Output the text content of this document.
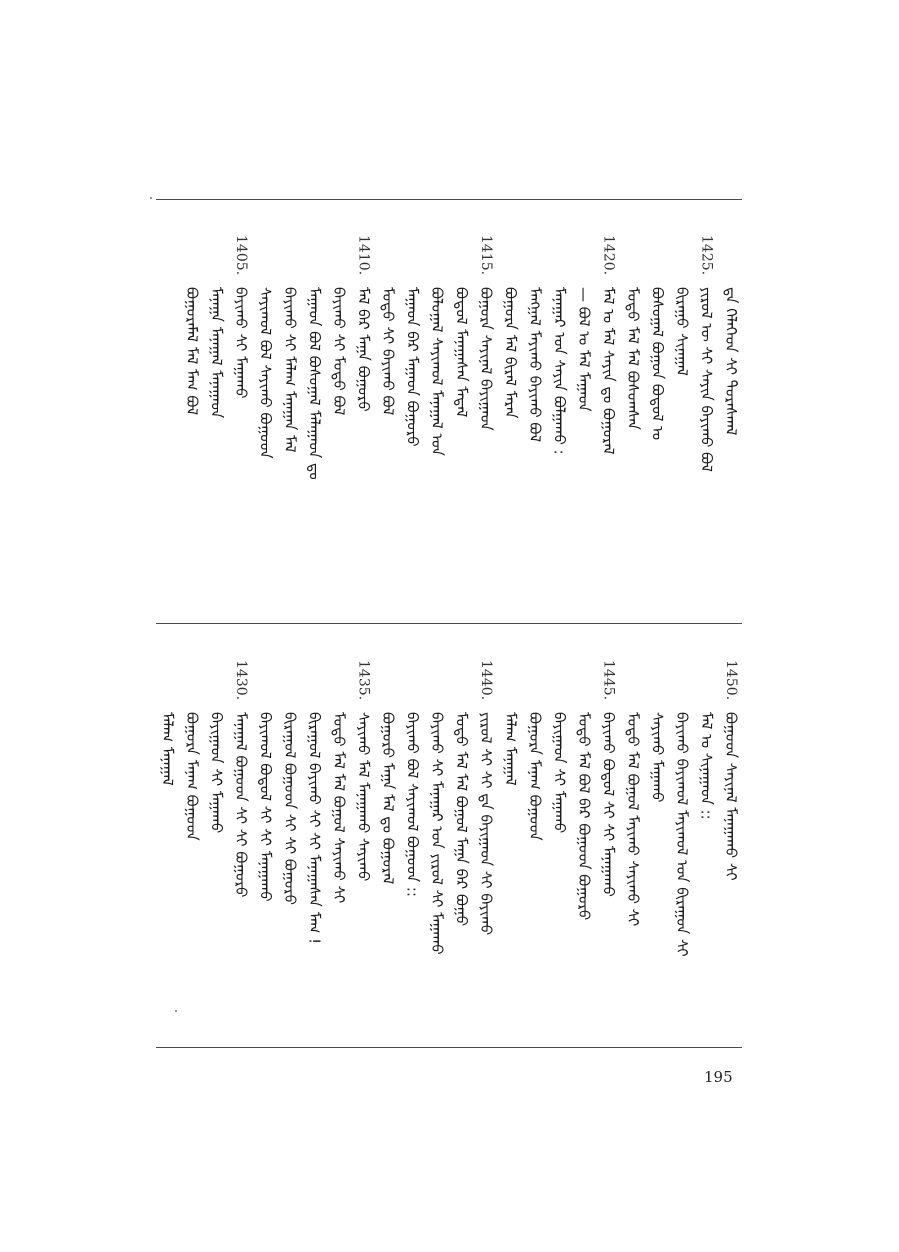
ᠳᠠ ᠬᠡᠯᠡᠭᠡᠳ ᠰᠢ ᠳᠤᠷᠠᠰᠬᠠᠯ
1425.
ᠶᠢᠷᠦᠯ ᠦ ᠰᠢ ᠰᠠᠶᠢᠨ ᠪᠠᠶᠢᠬᠤ ᠪᠣᠯ
ᠪᠢᠷᠠᠭᠤ ᠰᠢᠨᠠᠭᠠᠯ
ᠪᠣᠰᠤᠭᠠᠯ ᠪᠣᠭᠣᠨ ᠪᠣᠳᠣᠯ ᠤ
ᠮᠣᠳᠣ ᠮᠠᠯ ᠮᠠᠯ ᠪᠣᠰᠣᠭᠰᠠᠨ
1420.
ᠮᠠᠯ ᠤ ᠮᠠᠯ ᠰᠠᠶᠢᠨ ᠳᠤ ᠪᠣᠭᠣᠷᠠᠯ
— ᠪᠣᠯ ᠤ ᠮᠠᠯ ᠮᠠᠭᠠᠳ
ᠮᠠᠨᠠᠭᠠᠷ ᠤᠨ ᠰᠠᠶᠢᠨ ᠪᠣᠯᠭᠠᠬᠤ :
ᠮᠠᠩᠭᠠᠯ ᠮᠠᠶᠢᠬᠤ ᠪᠠᠶᠢᠬᠤ ᠪᠣᠯ
ᠪᠣᠭᠣᠷᠠ ᠮᠠᠯ ᠪᠢᠷᠠᠯ ᠮᠠᠷᠠᠨ
1415.
ᠪᠣᠭᠣᠷᠠ ᠰᠠᠶᠢᠨᠠᠯ ᠪᠠᠶᠢᠭᠠᠳ
ᠪᠣᠳᠣᠯ ᠮᠠᠨᠠᠭᠠᠰᠠᠨ ᠮᠠᠳᠠᠯ
ᠪᠣᠯᠣᠭᠠᠯ ᠰᠠᠶᠢᠬᠤᠯ ᠮᠠᠨᠠᠭᠠᠯ ᠤᠨ
ᠮᠠᠭᠠᠳ ᠪᠠᠷ ᠮᠠᠭᠠᠳ ᠪᠣᠭᠣᠷᠤ
ᠮᠣᠳᠣ ᠰᠢ ᠪᠠᠶᠢᠬᠤ ᠪᠣᠯ
1410.
ᠮᠠᠯ ᠪᠠᠷ ᠮᠠᠭᠠ ᠪᠣᠭᠣᠷᠤ
ᠪᠠᠶᠢᠬᠤ ᠰᠢ ᠮᠣᠳᠣ ᠪᠣᠯ
ᠮᠠᠭᠠᠳ ᠪᠣᠯ ᠪᠣᠰᠣᠭᠠᠯ ᠮᠠᠯᠠᠭᠠᠳ ᠳᠤ
ᠪᠠᠶᠢᠬᠤ ᠰᠢ ᠮᠠᠯᠠᠭ ᠮᠠᠨᠠᠭᠠᠨ ᠮᠠᠯ
ᠰᠠᠶᠢᠬᠤᠯ ᠪᠣᠯ ᠰᠠᠶᠢᠬᠤ ᠪᠣᠭᠣᠳ
1405.
ᠪᠠᠶᠢᠬᠤ ᠰᠢ ᠮᠠᠭᠠᠬᠤ
ᠮᠠᠨᠠᠭᠠ ᠮᠠᠨᠠᠭᠠᠯ ᠮᠠᠨᠠᠭᠠᠳ
ᠪᠣᠭᠣᠷᠠᠮᠠᠯ ᠮᠠᠯ ᠮᠠᠭ ᠪᠣᠯ
1450.
ᠪᠣᠭᠣᠳ ᠰᠠᠶᠢᠨᠠᠯ ᠮᠠᠨᠠᠭᠠᠬᠤ ᠰᠢ
ᠮᠠᠯ ᠤ ᠰᠢᠨᠠᠭᠠᠳ ::
ᠪᠠᠶᠢᠬᠤ ᠪᠠᠶᠢᠬᠤᠯ ᠮᠠᠶᠢᠬᠤᠯ ᠤᠨ ᠪᠢᠷᠠᠭᠤᠨ ᠰᠢ
ᠰᠠᠶᠢᠬᠤ ᠮᠠᠭᠠᠬᠤ
ᠮᠣᠳᠣ ᠮᠠᠯ ᠪᠣᠭᠣᠯ ᠮᠠᠶᠢᠬᠤ ᠰᠠᠶᠢᠬᠤ ᠰᠢ
1445.
ᠪᠠᠶᠢᠬᠤ ᠪᠣᠳᠣᠯ ᠰᠢ ᠰᠢ ᠮᠠᠨᠠᠭᠠᠬᠤ
ᠮᠣᠳᠣ ᠮᠠᠯ ᠪᠣᠯ ᠪᠠᠷ ᠪᠣᠭᠣᠳ ᠪᠣᠭᠣᠷᠤ
ᠪᠠᠶᠢᠭᠠᠳ ᠰᠢ ᠮᠠᠭᠠᠬᠤ
ᠪᠣᠭᠣᠷᠠ ᠮᠠᠨᠠᠭ ᠪᠣᠭᠣᠳ
ᠮᠠᠯᠠᠭ ᠮᠠᠨᠠᠭᠠᠯ
1440.
ᠶᠢᠷᠦᠯ ᠰᠢ ᠰᠢ ᠳᠠ ᠪᠠᠶᠢᠭᠠᠳ ᠰᠢ ᠪᠠᠶᠢᠬᠤ
ᠮᠣᠳᠣ ᠮᠠᠯ ᠮᠠᠯ ᠪᠣᠭᠣᠯ ᠮᠠᠭᠠ ᠪᠠᠷ ᠪᠣᠭᠣ
ᠪᠠᠶᠢᠬᠤ ᠰᠢ ᠮᠠᠨᠠᠭᠠᠷ ᠤᠨ ᠶᠢᠷᠦᠯ ᠰᠢ ᠮᠠᠭᠠᠬᠤ
ᠪᠠᠶᠢᠬᠤ ᠪᠣᠯ ᠰᠠᠶᠢᠬᠤᠯ ᠪᠣᠭᠣᠳ ::
ᠪᠣᠭᠣᠷᠤ ᠮᠠᠭᠠ ᠮᠠᠯ ᠳᠤ ᠪᠣᠭᠣᠷᠠᠯ
1435.
ᠰᠠᠶᠢᠬᠤ ᠮᠠᠯ ᠮᠠᠨᠠᠭᠠᠬᠤ ᠰᠠᠶᠢᠬᠤ
ᠮᠣᠳᠣ ᠮᠠᠯ ᠮᠠᠯ ᠪᠣᠭᠣᠯ ᠰᠠᠶᠢᠬᠤ ᠰᠢ
ᠪᠢᠷᠠᠭᠤᠯ ᠪᠠᠶᠢᠬᠤ ᠰᠢ ᠰᠢ ᠮᠠᠨᠠᠭᠠᠰᠠᠨ ᠮᠠᠭ !
ᠪᠢᠷᠠᠭᠤᠯ ᠪᠣᠭᠣᠳ ᠰᠢ ᠰᠢ ᠪᠣᠭᠣᠷᠤ
ᠪᠠᠶᠢᠬᠤᠯ ᠪᠣᠳᠣᠯ ᠰᠢ ᠰᠢ ᠮᠠᠨᠠᠭᠠᠬᠤ
1430.
ᠮᠠᠨᠠᠭᠠᠯ ᠪᠣᠭᠣᠳ ᠰᠢ ᠰᠢ ᠪᠣᠭᠣᠷᠤ
ᠪᠠᠶᠢᠭᠠᠳ ᠰᠢ ᠮᠠᠭᠠᠬᠤ
ᠪᠣᠭᠣᠷᠠ ᠮᠠᠨᠠᠭ ᠪᠣᠭᠣᠳ
ᠮᠠᠯᠠᠭ ᠮᠠᠨᠠᠭᠠᠯ
195
